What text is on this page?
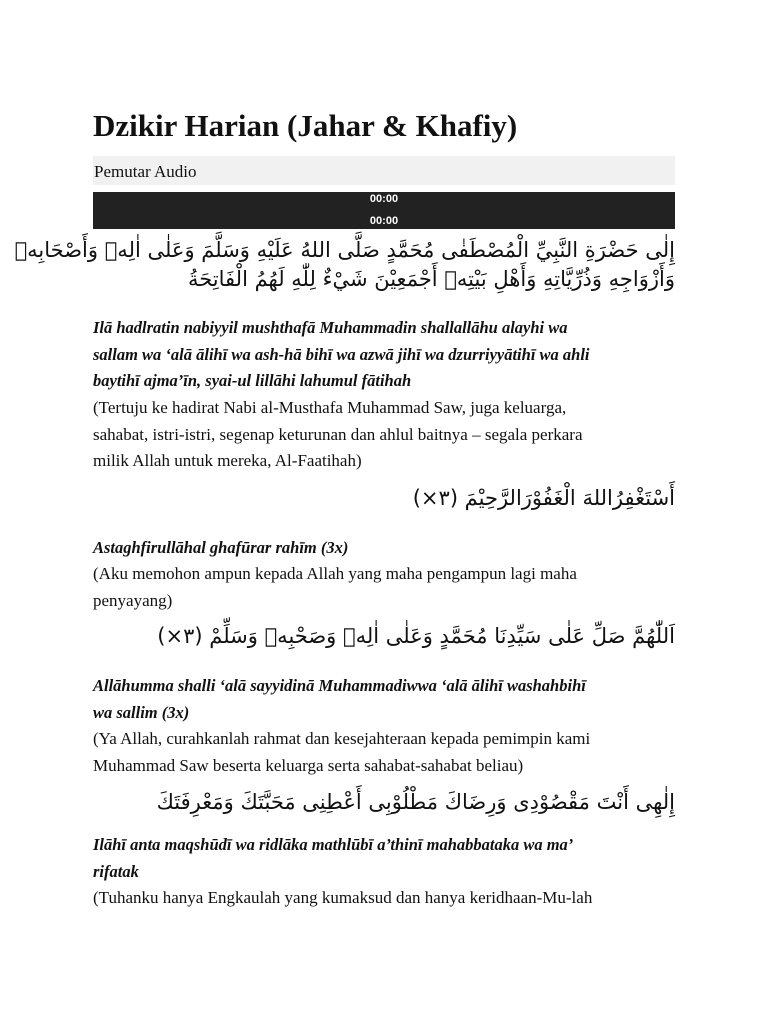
Dzikir Harian (Jahar & Khafiy)
Pemutar Audio
00:00
00:00
إِلٰى حَضْرَةِ النَّبِيِّ الْمُصْطَفٰى مُحَمَّدٍ صَلَّى اللهُ عَلَيْهِ وَسَلَّمَ وَعَلٰى اٰلِهٖ وَأَصْحَابِهٖ
وَأَزْوَاجِهِ وَذُرِّيَّاتِهِ وَأَهْلِ بَيْتِهٖ أَجْمَعِيْنَ شَيْءٌ لِلّٰهِ لَهُمُ الْفَاتِحَةُ

Ilā hadlratin nabiyyil mushthafā Muhammadin shallallāhu alayhi wa
sallam wa ‘alā ālihī wa ash-hā bihī wa azwā jihī wa dzurriyyātihī wa ahli
baytihī ajma’īn, syai-ul lillāhi lahumul fātihah

(Tertuju ke hadirat Nabi al-Musthafa Muhammad Saw, juga keluarga,
sahabat, istri-istri, segenap keturunan dan ahlul baitnya – segala perkara
milik Allah untuk mereka, Al-Faatihah)

أَسْتَغْفِرُاللهَ الْغَفُوْرَالرَّحِيْمَ (٣×)

Astaghfirullāhal ghafūrar rahīm (3x)

(Aku memohon ampun kepada Allah yang maha pengampun lagi maha
penyayang)

اَللّٰهُمَّ صَلِّ عَلٰى سَيِّدِنَا مُحَمَّدٍ وَعَلٰى اٰلِهٖ وَصَحْبِهٖ وَسَلِّمْ (٣×)

Allāhumma shalli ‘alā sayyidinā Muhammadiwwa ‘alā ālihī washahbihī
wa sallim (3x)

(Ya Allah, curahkanlah rahmat dan kesejahteraan kepada pemimpin kami
Muhammad Saw beserta keluarga serta sahabat-sahabat beliau)

إِلٰهِى أَنْتَ مَقْصُوْدِى وَرِضَاكَ مَطْلُوْبِى أَعْطِنِى مَحَبَّتَكَ وَمَعْرِفَتَكَ

Ilāhī anta maqshūdī wa ridlāka mathlūbī a’thinī mahabbataka wa ma’
rifatak

(Tuhanku hanya Engkaulah yang kumaksud dan hanya keridhaan-Mu-lah
